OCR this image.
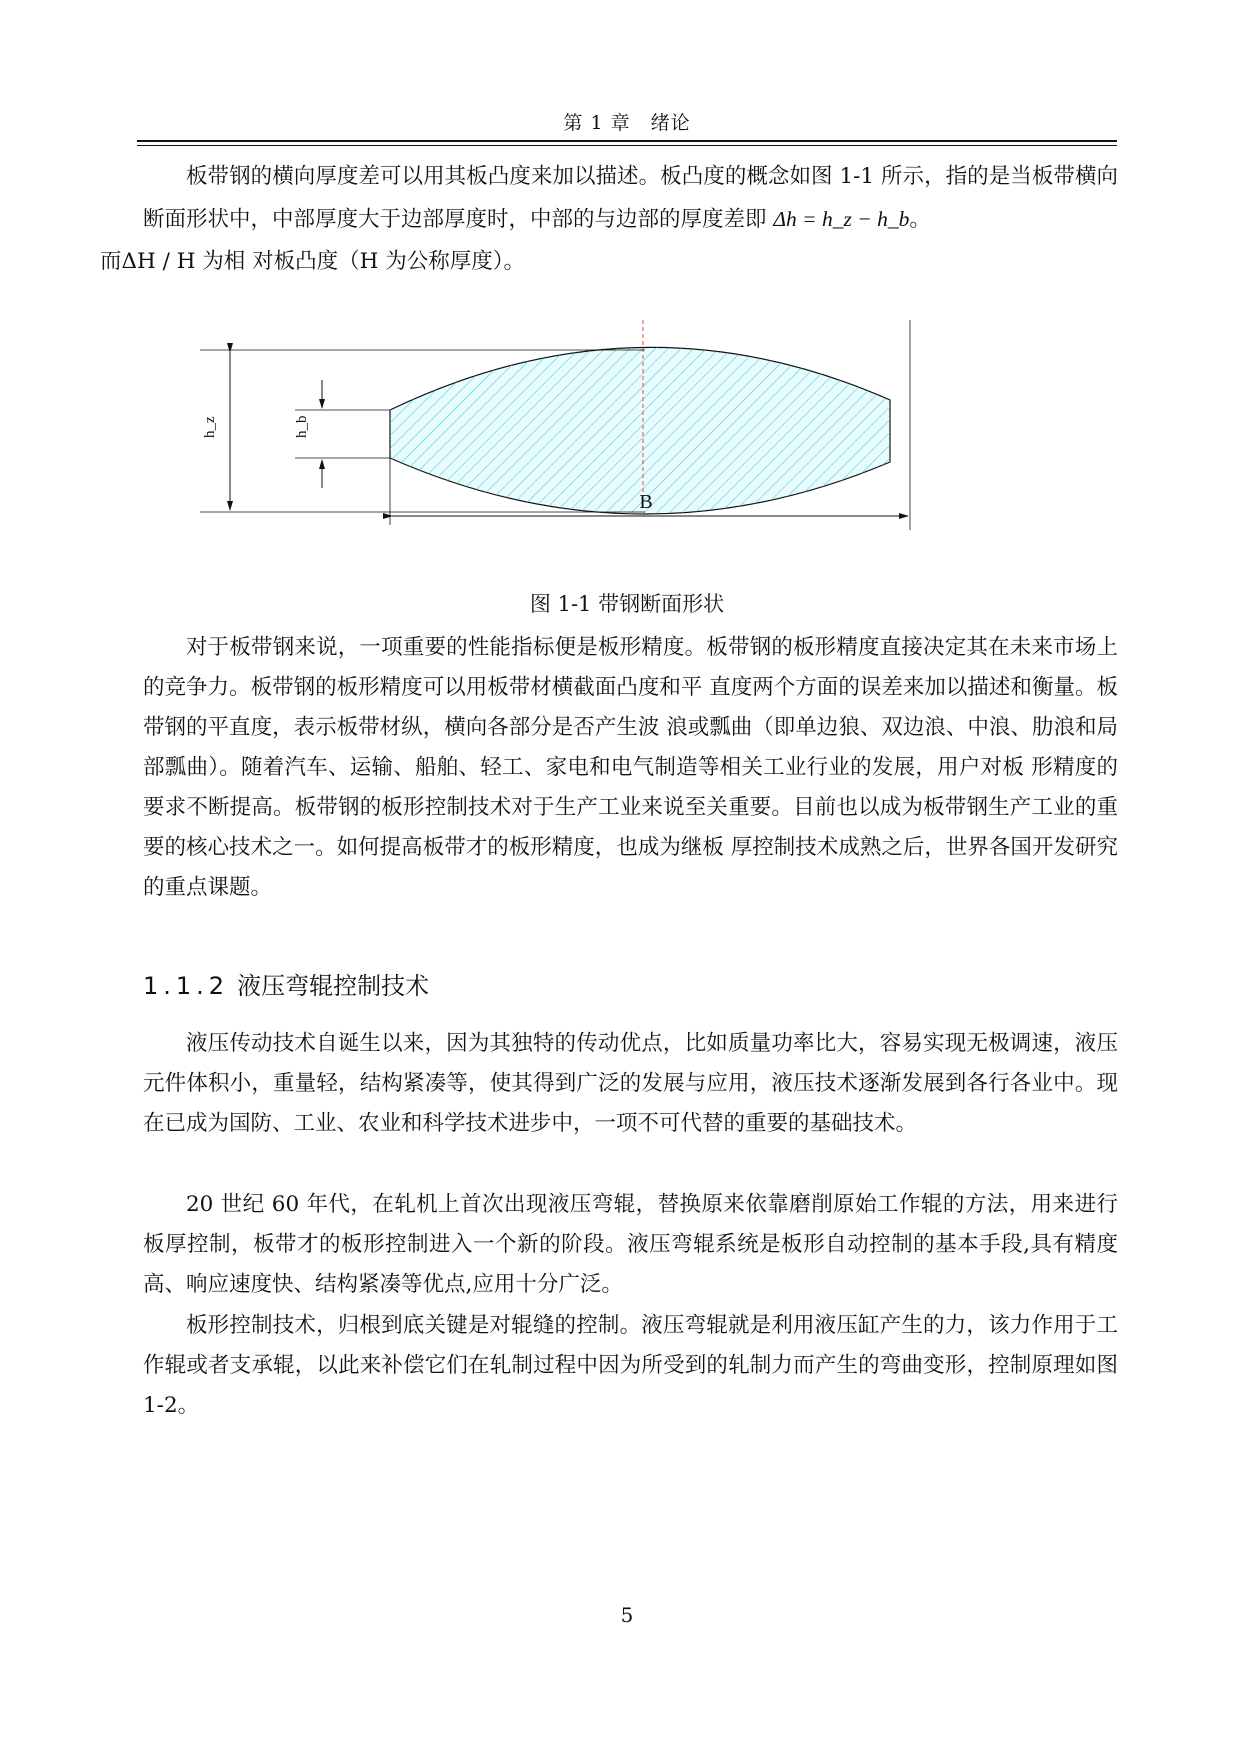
第 1 章　绪论

板带钢的横向厚度差可以用其板凸度来加以描述。板凸度的概念如图 1-1 所示，指的是当板带横向断面形状中，中部厚度大于边部厚度时，中部的与边部的厚度差即 Δh = h_z − h_b。
而ΔH / H 为相 对板凸度（H 为公称厚度）。

h_z	h_b
B
图 1-1 带钢断面形状

对于板带钢来说，一项重要的性能指标便是板形精度。板带钢的板形精度直接决定其在未来市场上的竞争力。板带钢的板形精度可以用板带材横截面凸度和平 直度两个方面的误差来加以描述和衡量。板带钢的平直度，表示板带材纵，横向各部分是否产生波 浪或瓢曲（即单边狼、双边浪、中浪、肋浪和局部瓢曲）。随着汽车、运输、船舶、轻工、家电和电气制造等相关工业行业的发展，用户对板 形精度的要求不断提高。板带钢的板形控制技术对于生产工业来说至关重要。目前也以成为板带钢生产工业的重要的核心技术之一。如何提高板带才的板形精度，也成为继板 厚控制技术成熟之后，世界各国开发研究的重点课题。

1.1.2 液压弯辊控制技术

液压传动技术自诞生以来，因为其独特的传动优点，比如质量功率比大，容易实现无极调速，液压元件体积小，重量轻，结构紧凑等，使其得到广泛的发展与应用，液压技术逐渐发展到各行各业中。现在已成为国防、工业、农业和科学技术进步中，一项不可代替的重要的基础技术。

20 世纪 60 年代，在轧机上首次出现液压弯辊，替换原来依靠磨削原始工作辊的方法，用来进行板厚控制，板带才的板形控制进入一个新的阶段。液压弯辊系统是板形自动控制的基本手段,具有精度高、响应速度快、结构紧凑等优点,应用十分广泛。

板形控制技术，归根到底关键是对辊缝的控制。液压弯辊就是利用液压缸产生的力，该力作用于工作辊或者支承辊，以此来补偿它们在轧制过程中因为所受到的轧制力而产生的弯曲变形，控制原理如图 1-2。

5
